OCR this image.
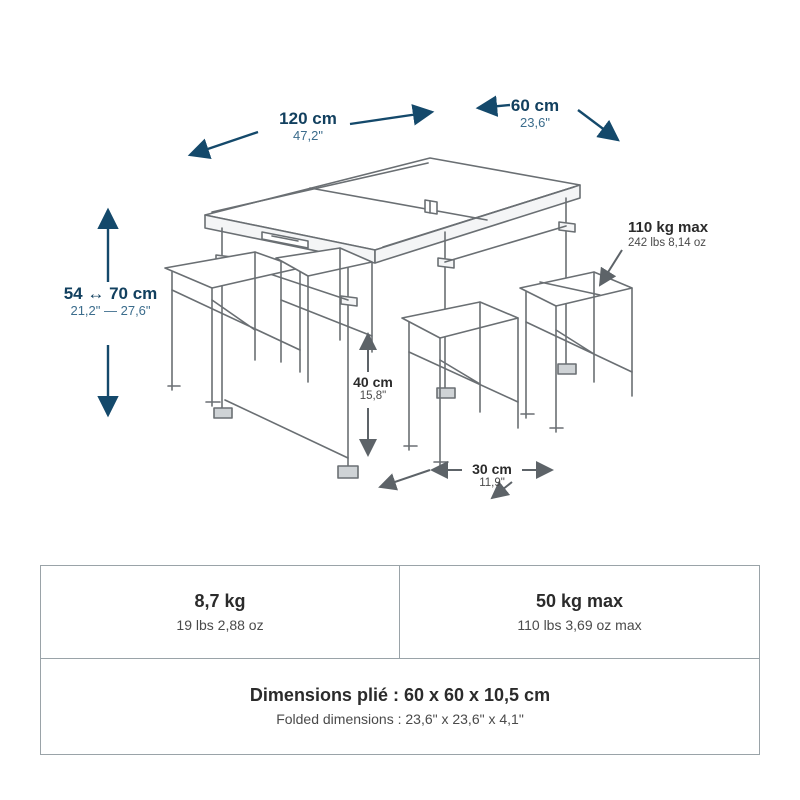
120 cm
47,2"
60 cm
23,6"
54 ↔ 70 cm
21,2" — 27,6"
40 cm
15,8"
30 cm
11,9"
110 kg max
242 lbs 8,14 oz
8,7 kg
19 lbs 2,88 oz
50 kg max
110 lbs 3,69 oz max
Dimensions plié : 60 x 60 x 10,5 cm
Folded dimensions : 23,6" x 23,6" x 4,1"
